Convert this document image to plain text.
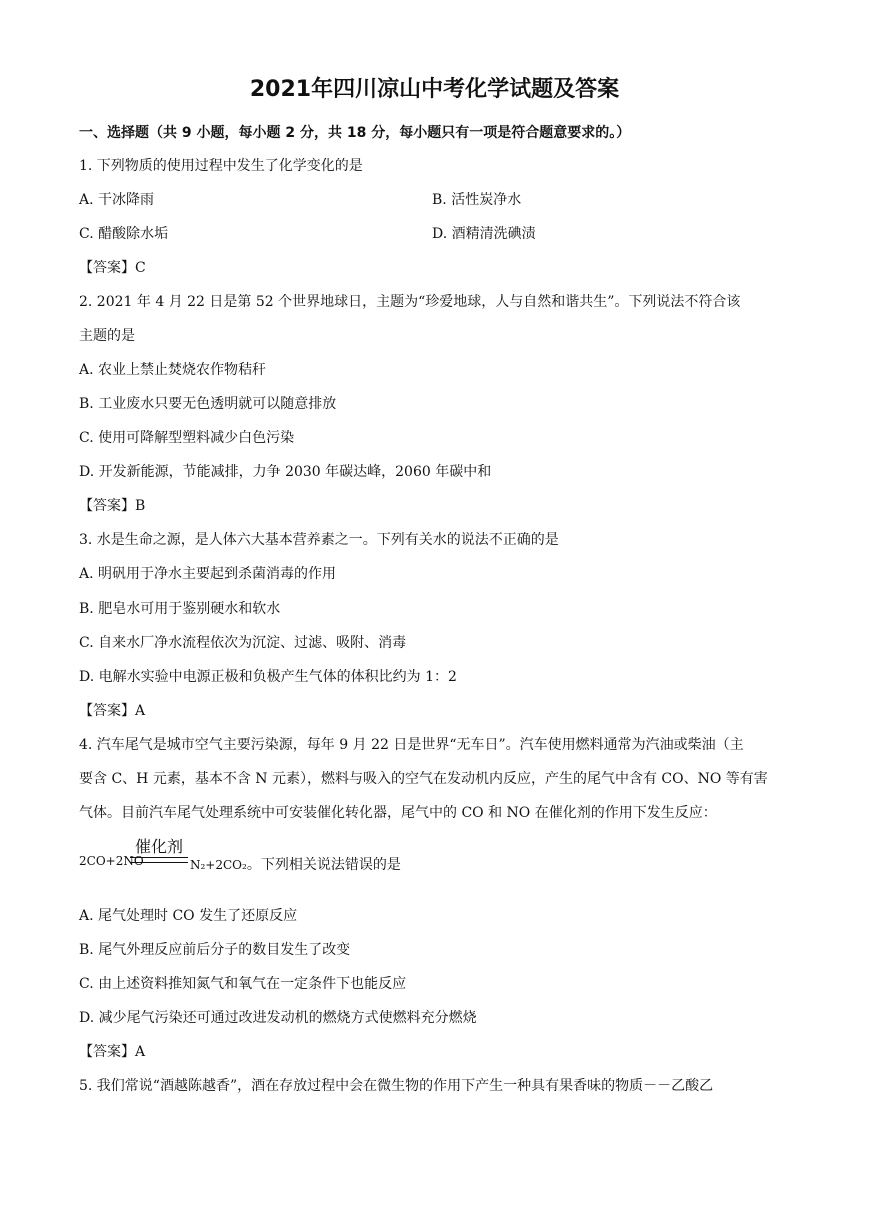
2021年四川凉山中考化学试题及答案
一、选择题（共 9 小题，每小题 2 分，共 18 分，每小题只有一项是符合题意要求的。）
1. 下列物质的使用过程中发生了化学变化的是
A. 干冰降雨	B. 活性炭净水
C. 醋酸除水垢	D. 酒精清洗碘渍
【答案】C
2. 2021 年 4 月 22 日是第 52 个世界地球日，主题为“珍爱地球，人与自然和谐共生”。下列说法不符合该
主题的是
A. 农业上禁止焚烧农作物秸秆
B. 工业废水只要无色透明就可以随意排放
C. 使用可降解型塑料减少白色污染
D. 开发新能源，节能减排，力争 2030 年碳达峰，2060 年碳中和
【答案】B
3. 水是生命之源，是人体六大基本营养素之一。下列有关水的说法不正确的是
A. 明矾用于净水主要起到杀菌消毒的作用
B. 肥皂水可用于鉴别硬水和软水
C. 自来水厂净水流程依次为沉淀、过滤、吸附、消毒
D. 电解水实验中电源正极和负极产生气体的体积比约为 1：2
【答案】A
4. 汽车尾气是城市空气主要污染源，每年 9 月 22 日是世界“无车日”。汽车使用燃料通常为汽油或柴油（主
要含 C、H 元素，基本不含 N 元素），燃料与吸入的空气在发动机内反应，产生的尾气中含有 CO、NO 等有害
气体。目前汽车尾气处理系统中可安装催化转化器，尾气中的 CO 和 NO 在催化剂的作用下发生反应：
2CO+2NO
催化剂
N₂+2CO₂。下列相关说法错误的是
A. 尾气处理时 CO 发生了还原反应
B. 尾气外理反应前后分子的数目发生了改变
C. 由上述资料推知氮气和氧气在一定条件下也能反应
D. 减少尾气污染还可通过改进发动机的燃烧方式使燃料充分燃烧
【答案】A
5. 我们常说“酒越陈越香”，酒在存放过程中会在微生物的作用下产生一种具有果香味的物质－－乙酸乙
